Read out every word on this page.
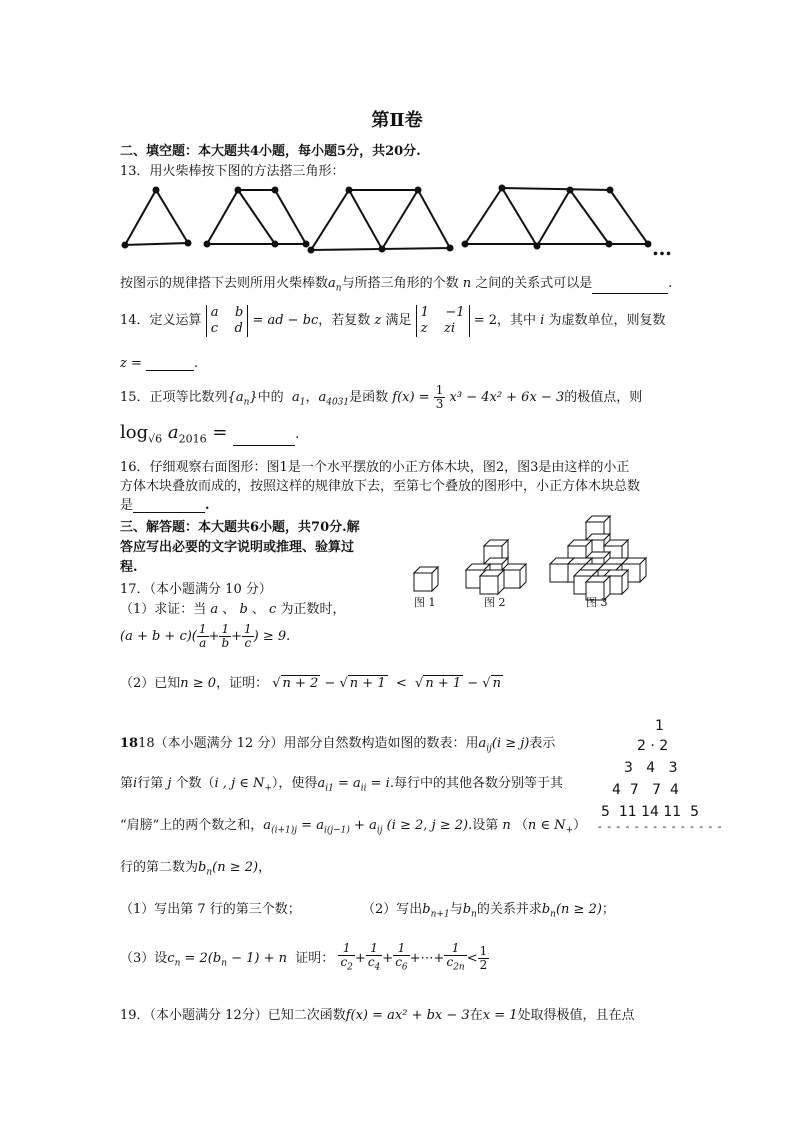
第Ⅱ卷
二、填空题：本大题共4小题，每小题5分，共20分.
13．用火柴棒按下图的方法搭三角形：
…
按图示的规律搭下去则所用火柴棒数$a_n$与所搭三角形的个数 n 之间的关系式可以是	.
14．定义运算
a    b
c    d = ad − bc，若复数 z 满足
1    −1
z    zi	= 2，其中 i 为虚数单位，则复数
z =	.
15．正项等比数列$\{a_n\}$中的 $a_1$，$a_{4031}$是函数 $f(x) = \frac{1}{3} x^3 - 4x^2 + 6x - 3$的极值点，则
$\log_{√6} a_{2016}$ =	.
16．仔细观察右面图形：图1是一个水平摆放的小正方体木块，图2，图3是由这样的小正
方体木块叠放而成的，按照这样的规律放下去，至第七个叠放的图形中，小正方体木块总数
是	.
三、解答题：本大题共6小题，共70分.解
答应写出必要的文字说明或推理、验算过
程.
图 1	图 2	图 3
17．（本小题满分 10 分）
（1）求证：当 a 、 b 、 c 为正数时，
$(a + b + c)( \frac{1}{a} + \frac{1}{b} + \frac{1}{c}$ ) ≥ 9.
（2）已知n ≥ 0，证明： √ n + 2 − √ n + 1  <  √ n + 1 − √ n
1818（本小题满分 12 分）用部分自然数构造如图的数表：用$a_{ij}(i \ge j)$表示
第i行第 j 个数（i , j ∈ $N_+$），使得$a_{i1} = a_{ii} = i$.每行中的其他各数分别等于其
“肩膀”上的两个数之和，$a_{(i+1)j} = a_{i(j-1)} + a_{ij}$ (i ≥ 2, j ≥ 2).设第 n （n ∈ $N_+$）
行的第二数为$b_n(n \ge 2)$，
（1）写出第 7 行的第三个数；	（2）写出$b_{n+1}$与$b_n$的关系并求$b_n(n \ge 2)$；
（3）设$c_n = 2(b_n - 1) + n$ 证明： $\frac{1}{c_2} + \frac{1}{c_4} + \frac{1}{c_6}$ +⋯+ $\frac{1}{c_{2n}} < \frac{1}{2}$
1
2 · 2
3 4 3
4 7 7 4
5 11 14 11 5
- - - - - - - - - - - - - -
19．（本小题满分 12分）已知二次函数f(x) = ax² + bx − 3在x = 1处取得极值，且在点
